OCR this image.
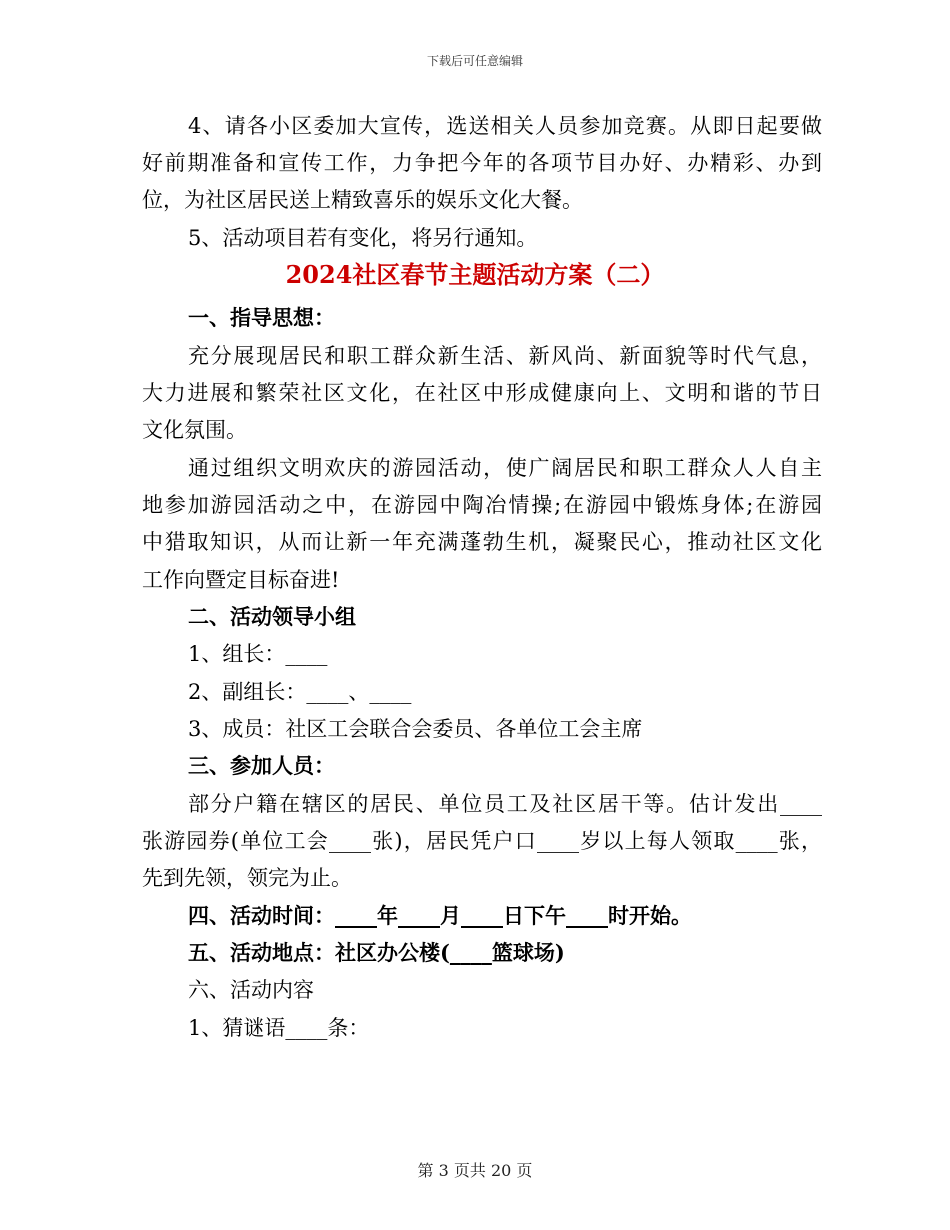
下载后可任意编辑
4、请各小区委加大宣传，选送相关人员参加竞赛。从即日起要做
好前期准备和宣传工作，力争把今年的各项节目办好、办精彩、办到
位，为社区居民送上精致喜乐的娱乐文化大餐。
5、活动项目若有变化，将另行通知。
2024社区春节主题活动方案（二）
一、指导思想：
充分展现居民和职工群众新生活、新风尚、新面貌等时代气息，
大力进展和繁荣社区文化，在社区中形成健康向上、文明和谐的节日
文化氛围。
通过组织文明欢庆的游园活动，使广阔居民和职工群众人人自主
地参加游园活动之中，在游园中陶冶情操;在游园中锻炼身体;在游园
中猎取知识，从而让新一年充满蓬勃生机，凝聚民心，推动社区文化
工作向暨定目标奋进!
二、活动领导小组
1、组长：____
2、副组长：____、____
3、成员：社区工会联合会委员、各单位工会主席
三、参加人员：
部分户籍在辖区的居民、单位员工及社区居干等。估计发出____
张游园券(单位工会____张)，居民凭户口____岁以上每人领取____张，
先到先领，领完为止。
四、活动时间：____年____月____日下午____时开始。
五、活动地点：社区办公楼(____篮球场)
六、活动内容
1、猜谜语____条：
第 3 页共 20 页
